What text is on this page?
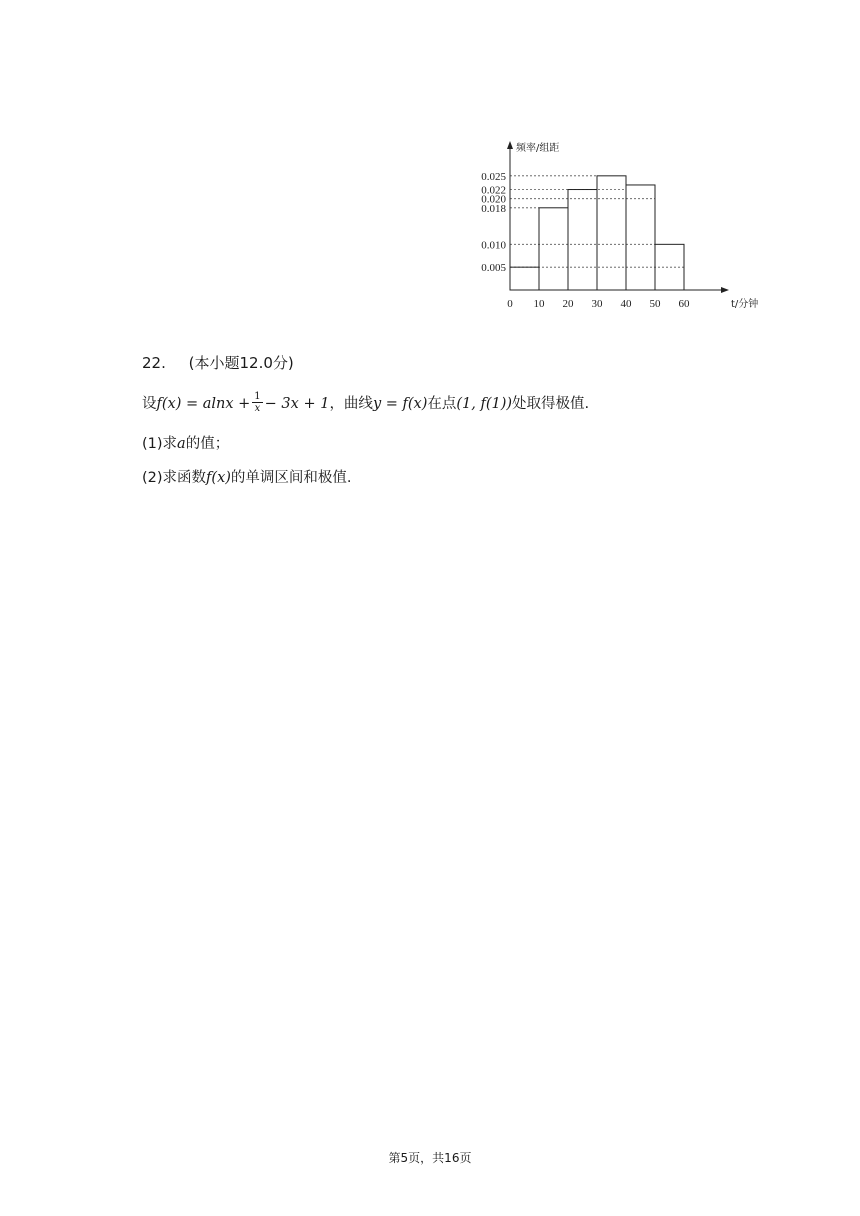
0.025
0.022
0.020
0.018
0.010
0.005
0 10 20 30 40 50 60
频率/组距
t/分钟
22. (本小题12.0分)
设$f(x) = alnx + \frac{1}{x} - 3x + 1$，曲线y = f(x)在点(1, f(1))处取得极值.
(1)求a的值；
(2)求函数f(x)的单调区间和极值.
第5页，共16页
